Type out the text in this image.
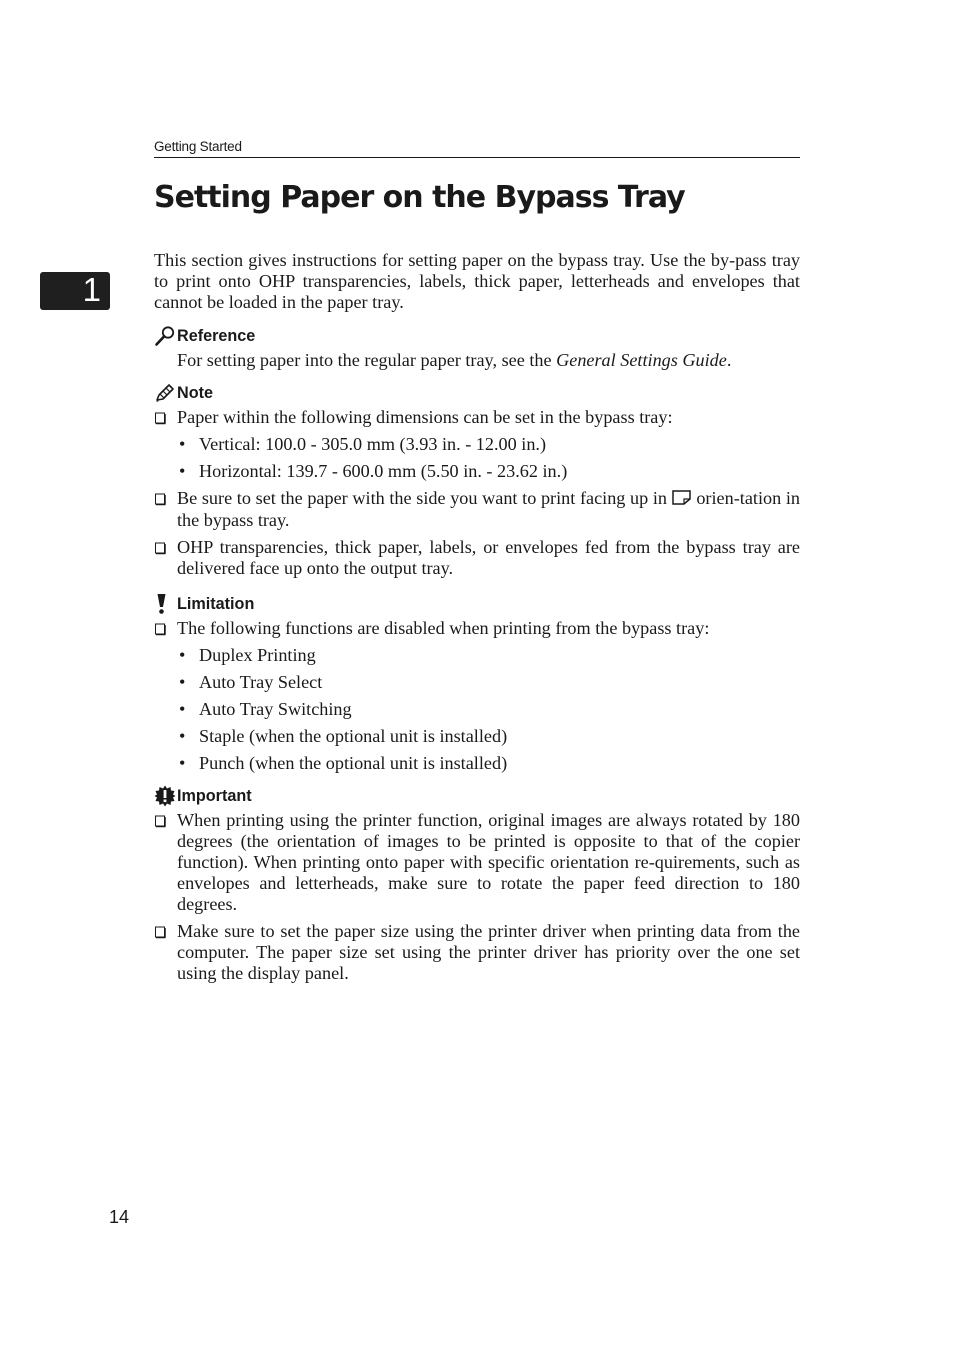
Getting Started
1
Setting Paper on the Bypass Tray

This section gives instructions for setting paper on the bypass tray. Use the by-pass tray to print onto OHP transparencies, labels, thick paper, letterheads and envelopes that cannot be loaded in the paper tray.

Reference

For setting paper into the regular paper tray, see the General Settings Guide.

Note
Paper within the following dimensions can be set in the bypass tray:
• Vertical: 100.0 - 305.0 mm (3.93 in. - 12.00 in.)
• Horizontal: 139.7 - 600.0 mm (5.50 in. - 23.62 in.)
Be sure to set the paper with the side you want to print facing up in  orien-tation in the bypass tray.
OHP transparencies, thick paper, labels, or envelopes fed from the bypass tray are delivered face up onto the output tray.
Limitation
The following functions are disabled when printing from the bypass tray:
• Duplex Printing
• Auto Tray Select
• Auto Tray Switching
• Staple (when the optional unit is installed)
• Punch (when the optional unit is installed)
Important
When printing using the printer function, original images are always rotated by 180 degrees (the orientation of images to be printed is opposite to that of the copier function). When printing onto paper with specific orientation re-quirements, such as envelopes and letterheads, make sure to rotate the paper feed direction to 180 degrees.
Make sure to set the paper size using the printer driver when printing data from the computer. The paper size set using the printer driver has priority over the one set using the display panel.
14
